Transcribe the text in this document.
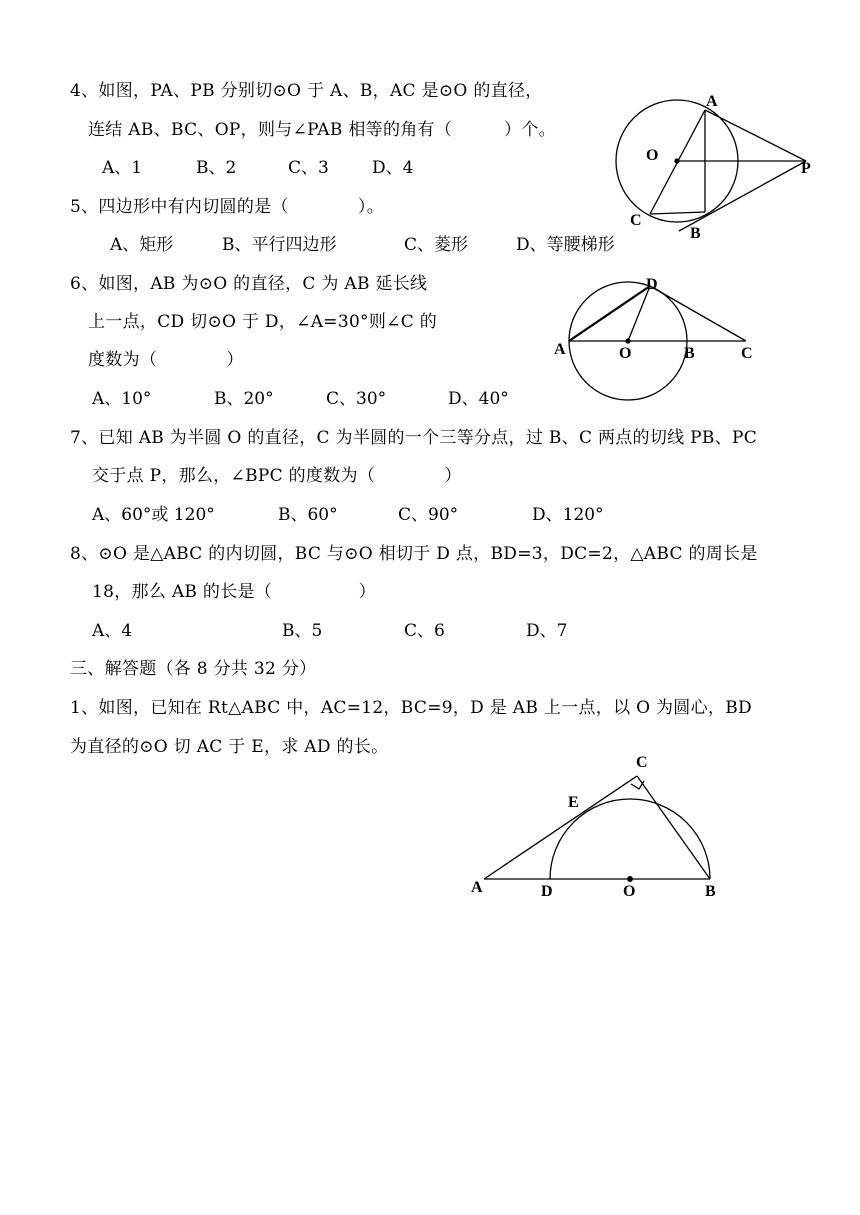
4、如图，PA、PB 分别切⊙O 于 A、B，AC 是⊙O 的直径，
连结 AB、BC、OP，则与∠PAB 相等的角有（　　　）个。
A、1	B、2	C、3	D、4
A
O
P
C
B
5、四边形中有内切圆的是（　　　　）。
A、矩形	B、平行四边形	C、菱形	D、等腰梯形
6、如图，AB 为⊙O 的直径，C 为 AB 延长线
上一点，CD 切⊙O 于 D，∠A=30°则∠C 的
度数为（　　　　）
A、10°	B、20°	C、30°	D、40°
D
A	O	B	C
7、已知 AB 为半圆 O 的直径，C 为半圆的一个三等分点，过 B、C 两点的切线 PB、PC
交于点 P，那么，∠BPC 的度数为（　　　　）
A、60°或 120°	B、60°	C、90°	D、120°
8、⊙O 是△ABC 的内切圆，BC 与⊙O 相切于 D 点，BD=3，DC=2，△ABC 的周长是
18，那么 AB 的长是（　　　　　）
A、4	B、5	C、6	D、7
三、解答题（各 8 分共 32 分）
1、如图，已知在 Rt△ABC 中，AC=12，BC=9，D 是 AB 上一点，以 O 为圆心，BD
为直径的⊙O 切 AC 于 E，求 AD 的长。
C
E
A	D	O	B
